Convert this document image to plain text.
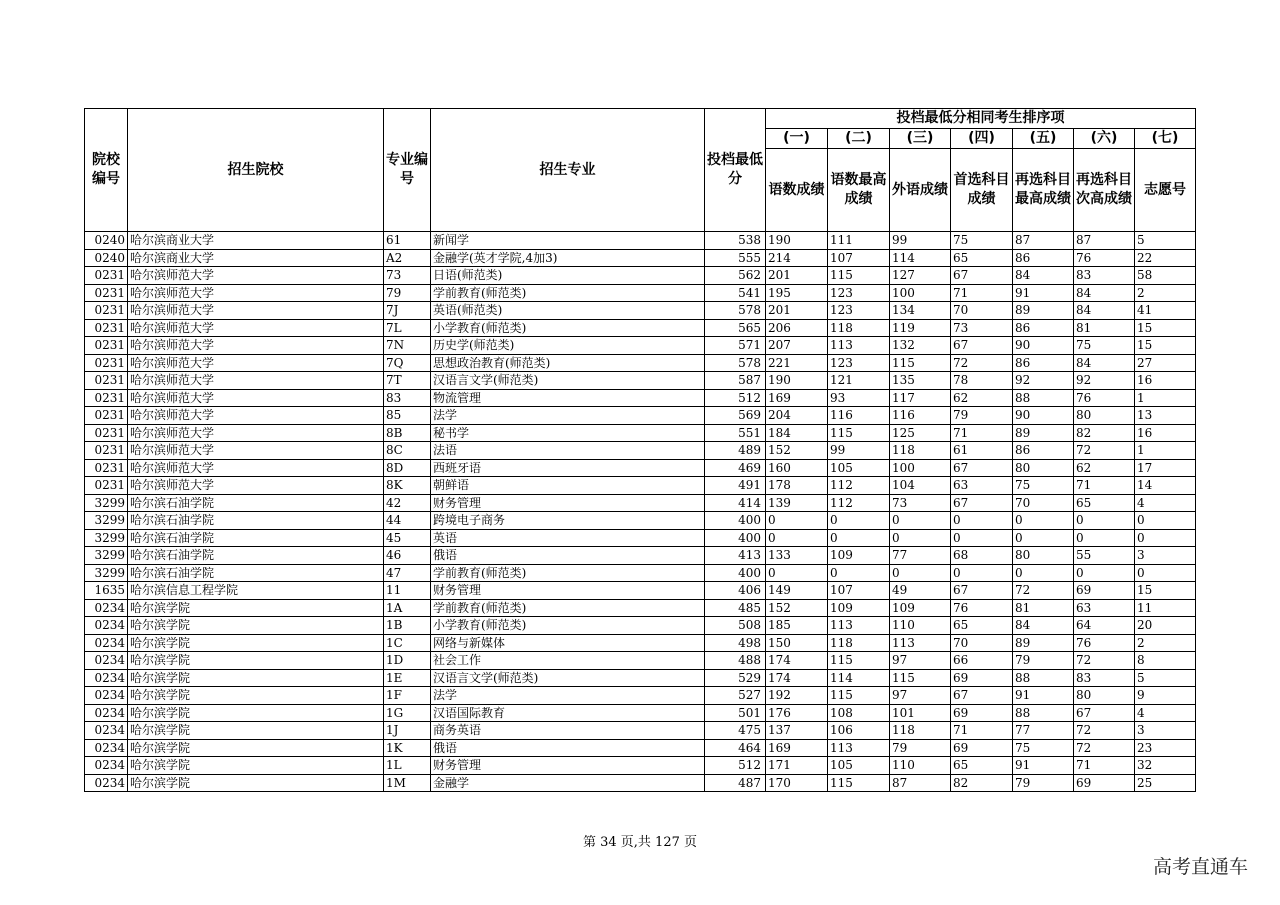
院校编号	招生院校	专业编号	招生专业	投档最低分	投档最低分相同考生排序项						
					(一)	(二)	(三)	(四)	(五)	(六)	(七)
					语数成绩	语数最高成绩	外语成绩	首选科目成绩	再选科目最高成绩	再选科目次高成绩	志愿号
0240	哈尔滨商业大学	61	新闻学	538	190	111	99	75	87	87	5
0240	哈尔滨商业大学	A2	金融学(英才学院,4加3)	555	214	107	114	65	86	76	22
0231	哈尔滨师范大学	73	日语(师范类)	562	201	115	127	67	84	83	58
0231	哈尔滨师范大学	79	学前教育(师范类)	541	195	123	100	71	91	84	2
0231	哈尔滨师范大学	7J	英语(师范类)	578	201	123	134	70	89	84	41
0231	哈尔滨师范大学	7L	小学教育(师范类)	565	206	118	119	73	86	81	15
0231	哈尔滨师范大学	7N	历史学(师范类)	571	207	113	132	67	90	75	15
0231	哈尔滨师范大学	7Q	思想政治教育(师范类)	578	221	123	115	72	86	84	27
0231	哈尔滨师范大学	7T	汉语言文学(师范类)	587	190	121	135	78	92	92	16
0231	哈尔滨师范大学	83	物流管理	512	169	93	117	62	88	76	1
0231	哈尔滨师范大学	85	法学	569	204	116	116	79	90	80	13
0231	哈尔滨师范大学	8B	秘书学	551	184	115	125	71	89	82	16
0231	哈尔滨师范大学	8C	法语	489	152	99	118	61	86	72	1
0231	哈尔滨师范大学	8D	西班牙语	469	160	105	100	67	80	62	17
0231	哈尔滨师范大学	8K	朝鲜语	491	178	112	104	63	75	71	14
3299	哈尔滨石油学院	42	财务管理	414	139	112	73	67	70	65	4
3299	哈尔滨石油学院	44	跨境电子商务	400	0	0	0	0	0	0	0
3299	哈尔滨石油学院	45	英语	400	0	0	0	0	0	0	0
3299	哈尔滨石油学院	46	俄语	413	133	109	77	68	80	55	3
3299	哈尔滨石油学院	47	学前教育(师范类)	400	0	0	0	0	0	0	0
1635	哈尔滨信息工程学院	11	财务管理	406	149	107	49	67	72	69	15
0234	哈尔滨学院	1A	学前教育(师范类)	485	152	109	109	76	81	63	11
0234	哈尔滨学院	1B	小学教育(师范类)	508	185	113	110	65	84	64	20
0234	哈尔滨学院	1C	网络与新媒体	498	150	118	113	70	89	76	2
0234	哈尔滨学院	1D	社会工作	488	174	115	97	66	79	72	8
0234	哈尔滨学院	1E	汉语言文学(师范类)	529	174	114	115	69	88	83	5
0234	哈尔滨学院	1F	法学	527	192	115	97	67	91	80	9
0234	哈尔滨学院	1G	汉语国际教育	501	176	108	101	69	88	67	4
0234	哈尔滨学院	1J	商务英语	475	137	106	118	71	77	72	3
0234	哈尔滨学院	1K	俄语	464	169	113	79	69	75	72	23
0234	哈尔滨学院	1L	财务管理	512	171	105	110	65	91	71	32
0234	哈尔滨学院	1M	金融学	487	170	115	87	82	79	69	25
第 34 页,共 127 页
高考直通车
